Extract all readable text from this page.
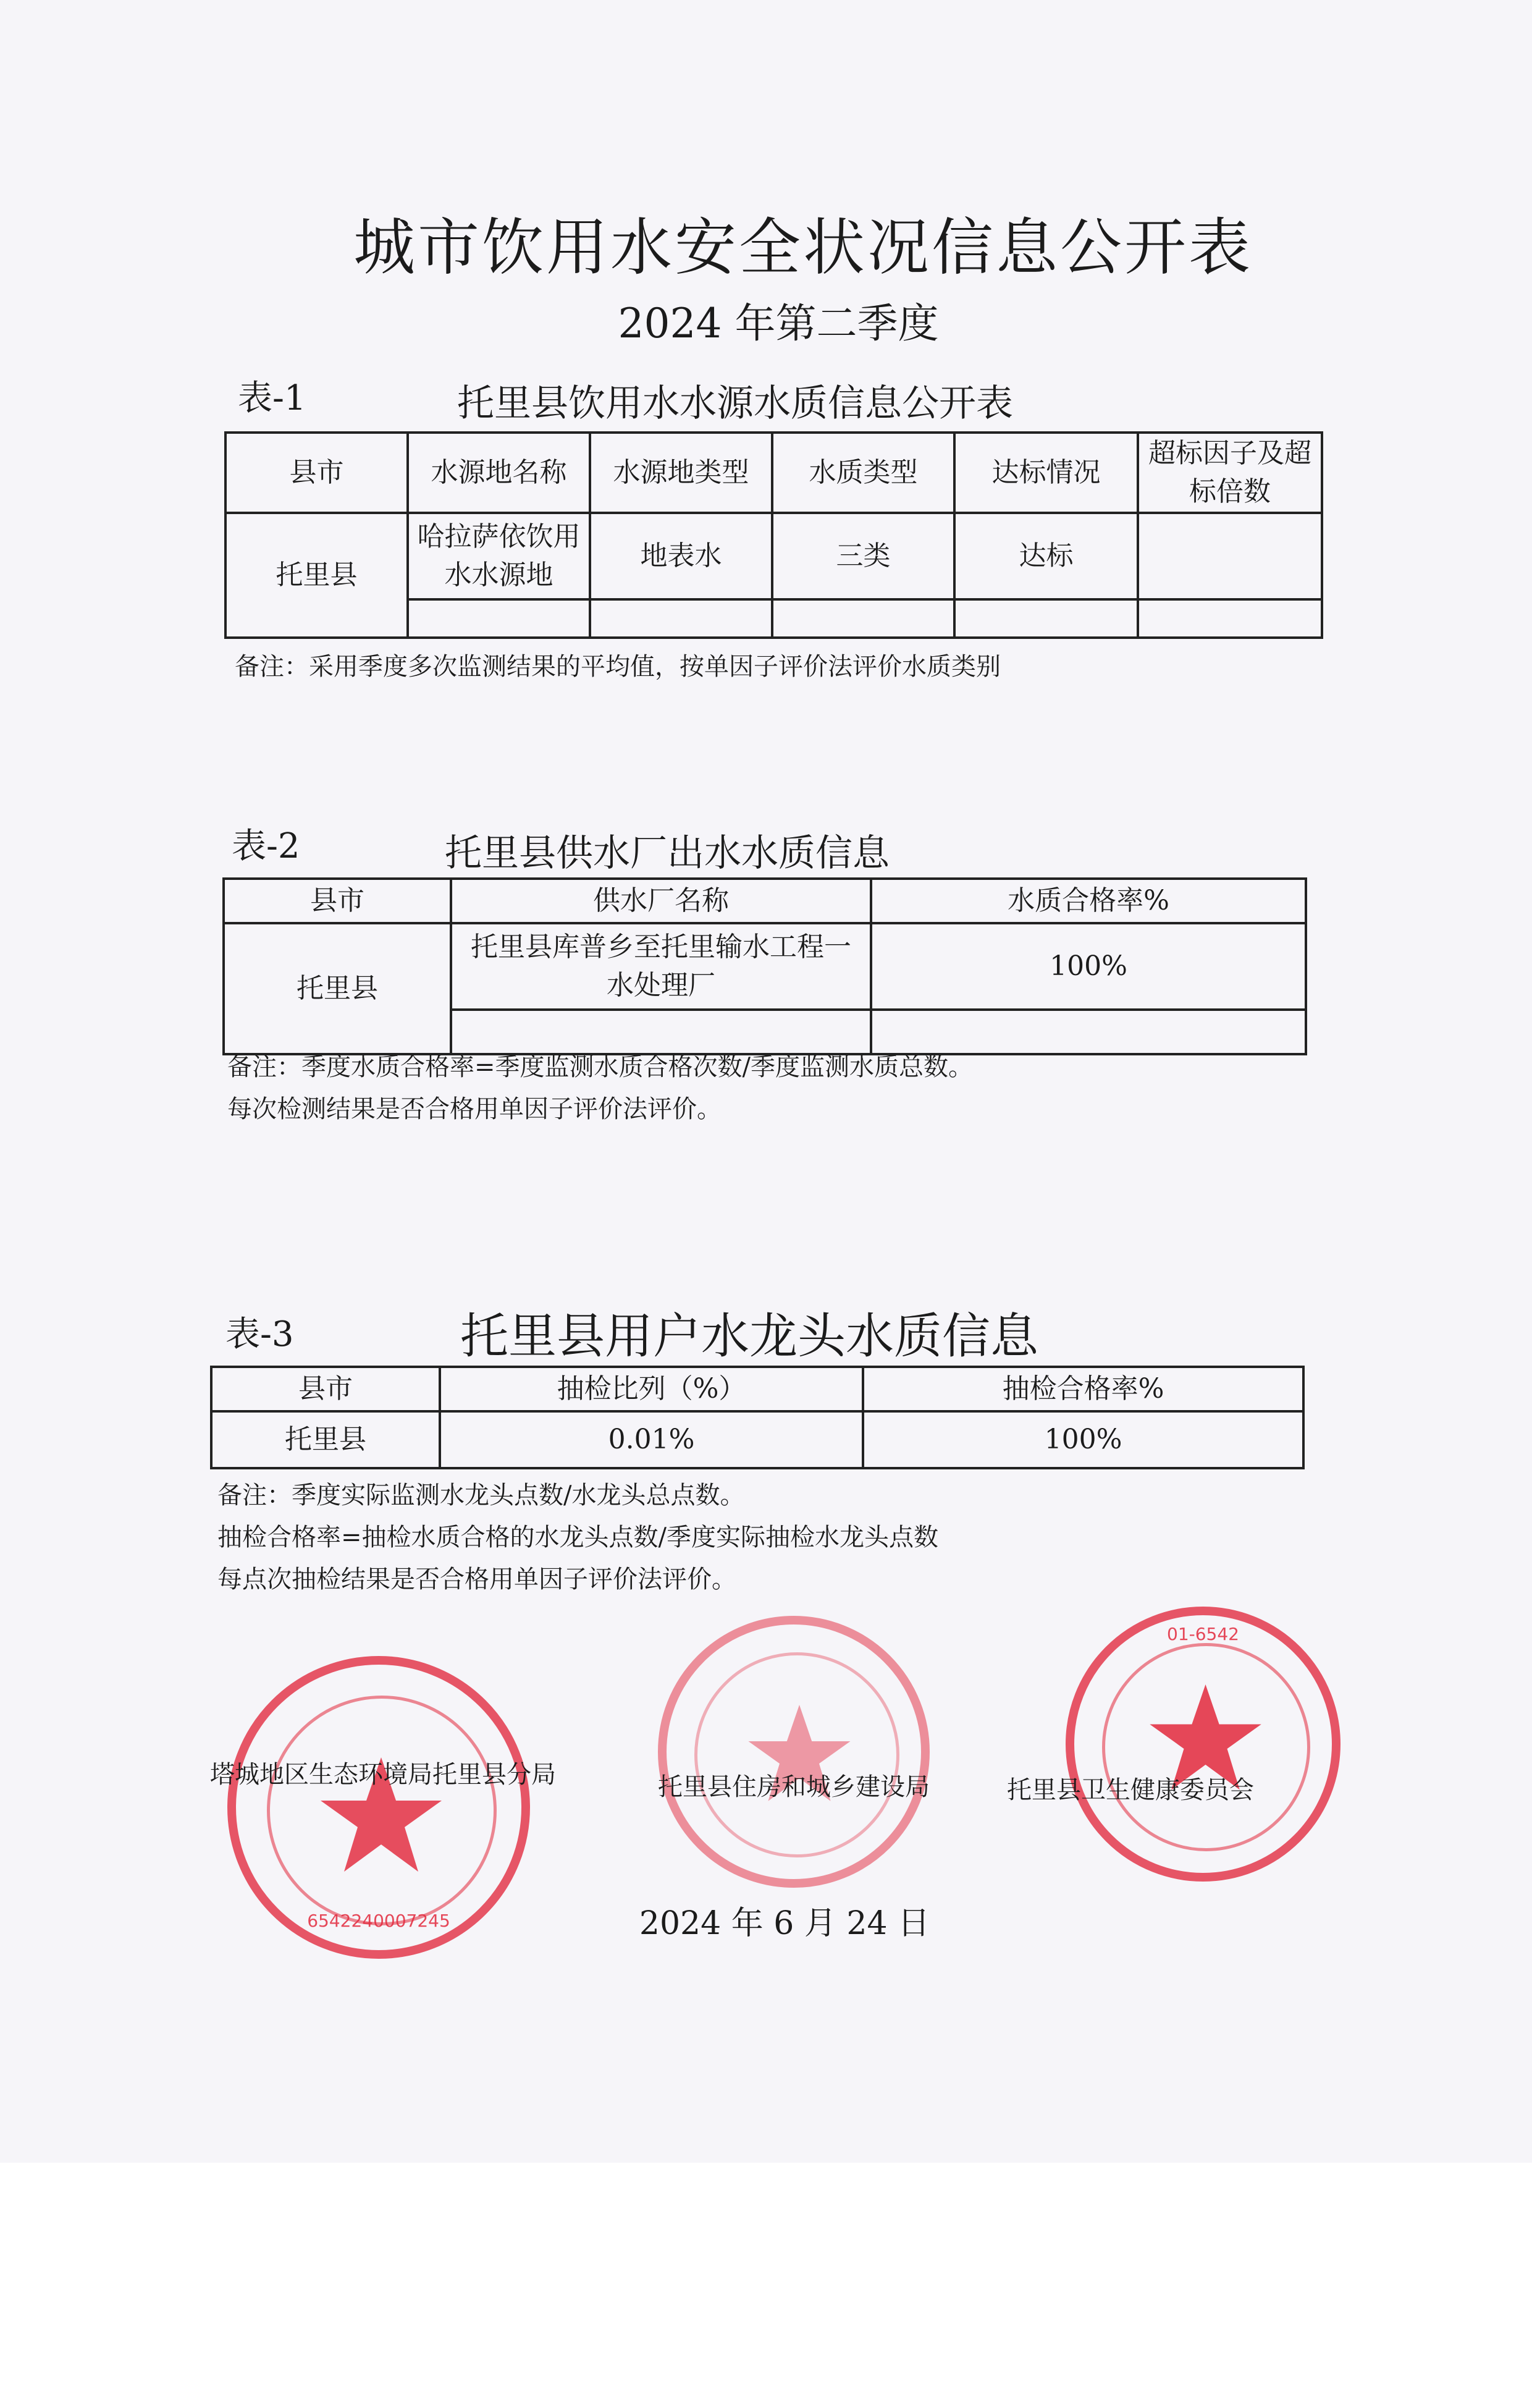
城市饮用水安全状况信息公开表
2024 年第二季度
表-1	托里县饮用水水源水质信息公开表
县市	水源地名称	水源地类型	水质类型	达标情况	超标因子及超标倍数
托里县	哈拉萨依饮用水水源地	地表水	三类	达标	

备注：采用季度多次监测结果的平均值，按单因子评价法评价水质类别
表-2	托里县供水厂出水水质信息
县市	供水厂名称	水质合格率%
托里县	托里县库普乡至托里输水工程一水处理厂	100%

备注：季度水质合格率=季度监测水质合格次数/季度监测水质总数。
每次检测结果是否合格用单因子评价法评价。
表-3	托里县用户水龙头水质信息
县市	抽检比列（%）	抽检合格率%
托里县	0.01%	100%
备注：季度实际监测水龙头点数/水龙头总点数。
抽检合格率=抽检水质合格的水龙头点数/季度实际抽检水龙头点数
每点次抽检结果是否合格用单因子评价法评价。
6542240007245
01-6542
塔城地区生态环境局托里县分局	托里县住房和城乡建设局	托里县卫生健康委员会
2024 年 6 月 24 日
